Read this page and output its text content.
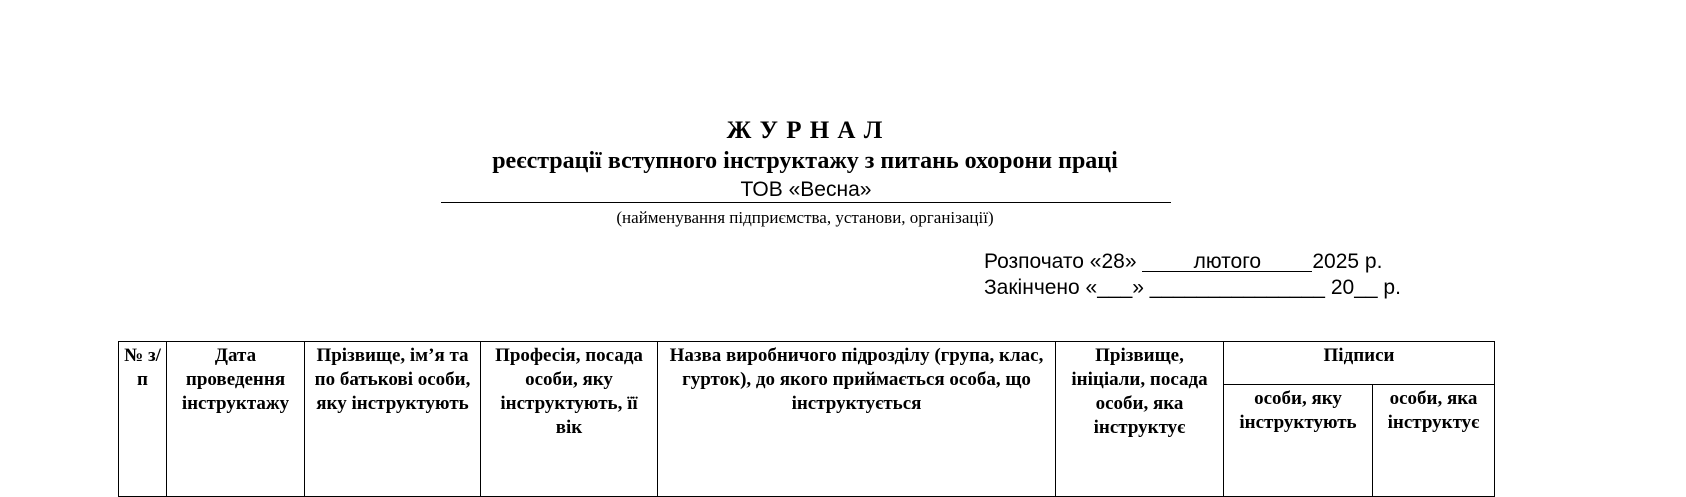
Ж У Р Н А Л
реєстрації вступного інструктажу з питань охорони праці
ТОВ «Весна»
(найменування підприємства, установи, організації)
Розпочато «28»	лютого 2025 р.
Закінчено «___» _______________ 20__ р.
№ з/п	Дата проведення інструктажу	Прізвище, ім’я та по батькові особи, яку інструктують	Професія, посада особи, яку інструктують, її вік	Назва виробничого підрозділу (група, клас, гурток), до якого приймається особа, що інструктується	Прізвище, ініціали, посада особи, яка інструктує	Підписи	
						особи, яку інструктують	особи, яка інструктує
